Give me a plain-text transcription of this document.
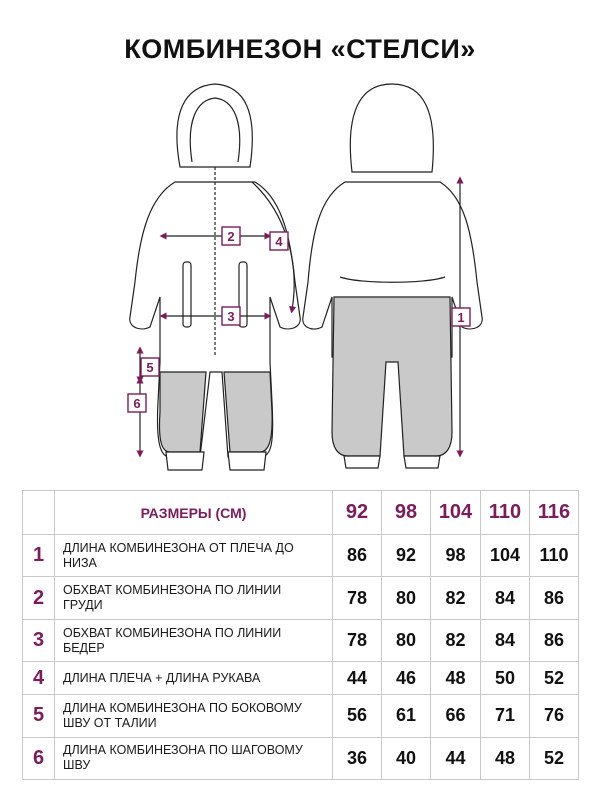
КОМБИНЕЗОН «СТЕЛСИ»
1
2
3
4
5
6
	РАЗМЕРЫ (СМ)	92	98	104	110	116
1	ДЛИНА КОМБИНЕЗОНА ОТ ПЛЕЧА ДО НИЗА	86	92	98	104	110
2	ОБХВАТ КОМБИНЕЗОНА ПО ЛИНИИ ГРУДИ	78	80	82	84	86
3	ОБХВАТ КОМБИНЕЗОНА ПО ЛИНИИ БЕДЕР	78	80	82	84	86
4	ДЛИНА ПЛЕЧА + ДЛИНА РУКАВА	44	46	48	50	52
5	ДЛИНА КОМБИНЕЗОНА ПО БОКОВОМУ ШВУ ОТ ТАЛИИ	56	61	66	71	76
6	ДЛИНА КОМБИНЕЗОНА ПО ШАГОВОМУ ШВУ	36	40	44	48	52
